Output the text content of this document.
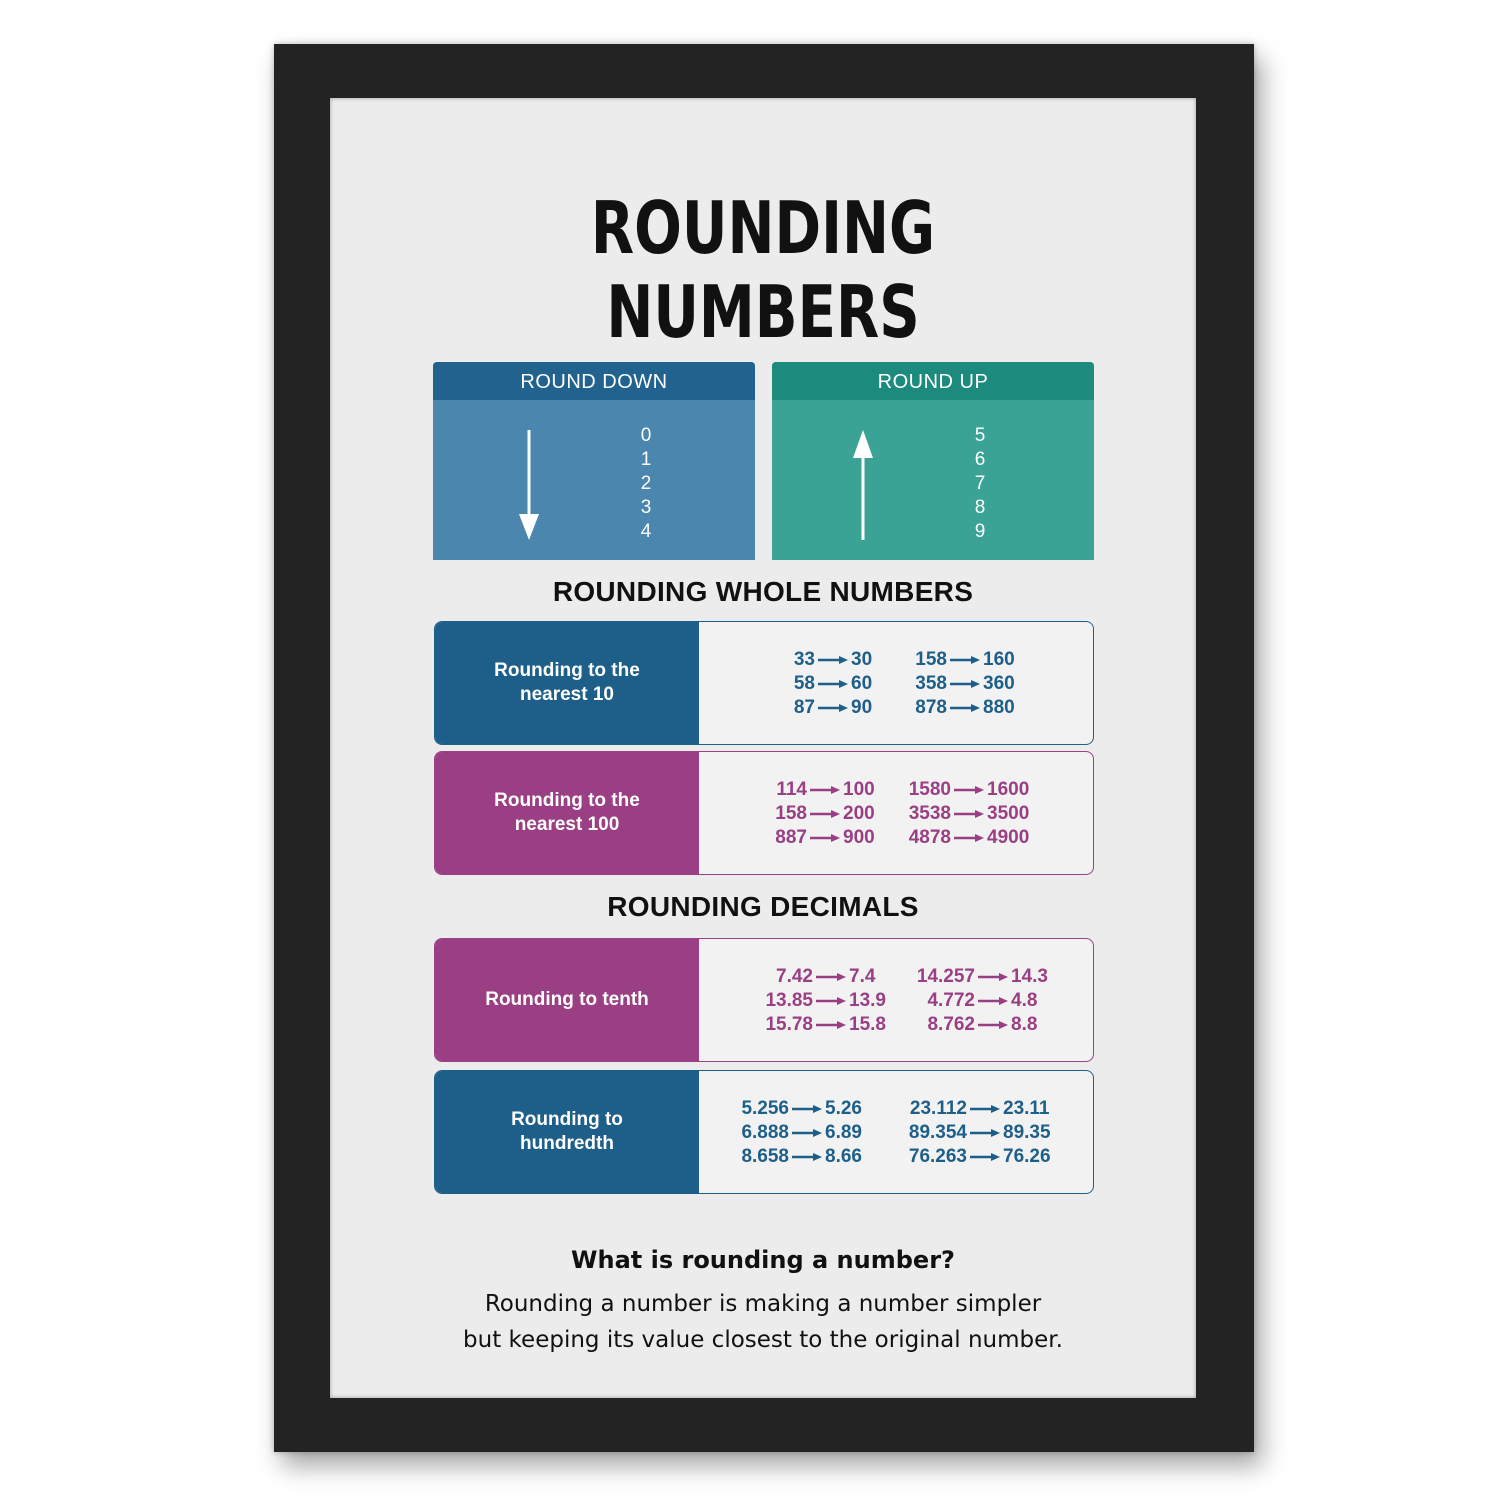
ROUNDING NUMBERS
ROUND DOWN
0
1
2
3
4
ROUND UP
5
6
7
8
9
ROUNDING WHOLE NUMBERS
Rounding to the nearest 10
33 30
58 60
87 90
158 160
358 360
878 880
Rounding to the nearest 100
114 100
158 200
887 900
1580 1600
3538 3500
4878 4900
ROUNDING DECIMALS
Rounding to tenth
7.42 7.4
13.85 13.9
15.78 15.8
14.257 14.3
4.772 4.8
8.762 8.8
Rounding to hundredth
5.256 5.26
6.888 6.89
8.658 8.66
23.112 23.11
89.354 89.35
76.263 76.26
What is rounding a number?
Rounding a number is making a number simpler
but keeping its value closest to the original number.
